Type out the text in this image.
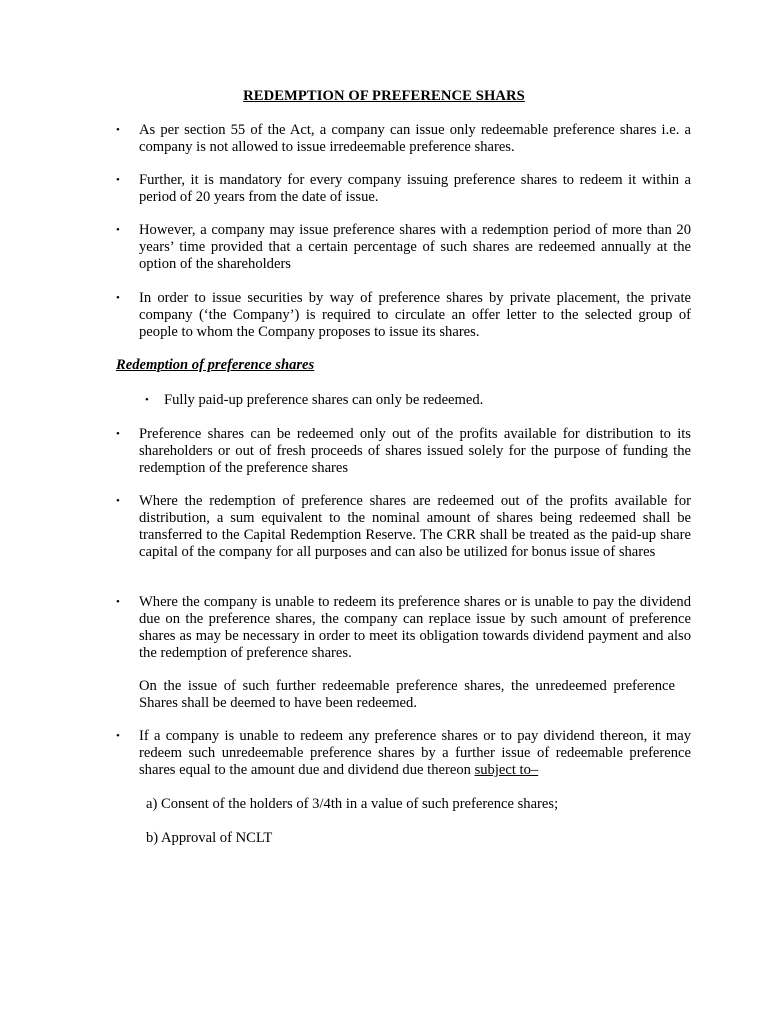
REDEMPTION OF PREFERENCE SHARS
• As per section 55 of the Act, a company can issue only redeemable preference shares i.e. a company is not allowed to issue irredeemable preference shares.
• Further, it is mandatory for every company issuing preference shares to redeem it within a period of 20 years from the date of issue.
• However, a company may issue preference shares with a redemption period of more than 20 years’ time provided that a certain percentage of such shares are redeemed annually at the option of the shareholders
• In order to issue securities by way of preference shares by private placement, the private company (‘the Company’) is required to circulate an offer letter to the selected group of people to whom the Company proposes to issue its shares.
Redemption of preference shares
• Fully paid-up preference shares can only be redeemed.
• Preference shares can be redeemed only out of the profits available for distribution to its shareholders or out of fresh proceeds of shares issued solely for the purpose of funding the redemption of the preference shares
• Where the redemption of preference shares are redeemed out of the profits available for distribution, a sum equivalent to the nominal amount of shares being redeemed shall be transferred to the Capital Redemption Reserve. The CRR shall be treated as the paid-up share capital of the company for all purposes and can also be utilized for bonus issue of shares
• Where the company is unable to redeem its preference shares or is unable to pay the dividend due on the preference shares, the company can replace issue by such amount of preference shares as may be necessary in order to meet its obligation towards dividend payment and also the redemption of preference shares.
On the issue of such further redeemable preference shares, the unredeemed preference Shares shall be deemed to have been redeemed.
• If a company is unable to redeem any preference shares or to pay dividend thereon, it may redeem such unredeemable preference shares by a further issue of redeemable preference shares equal to the amount due and dividend due thereon subject to–
a) Consent of the holders of 3/4th in a value of such preference shares;
b) Approval of NCLT
